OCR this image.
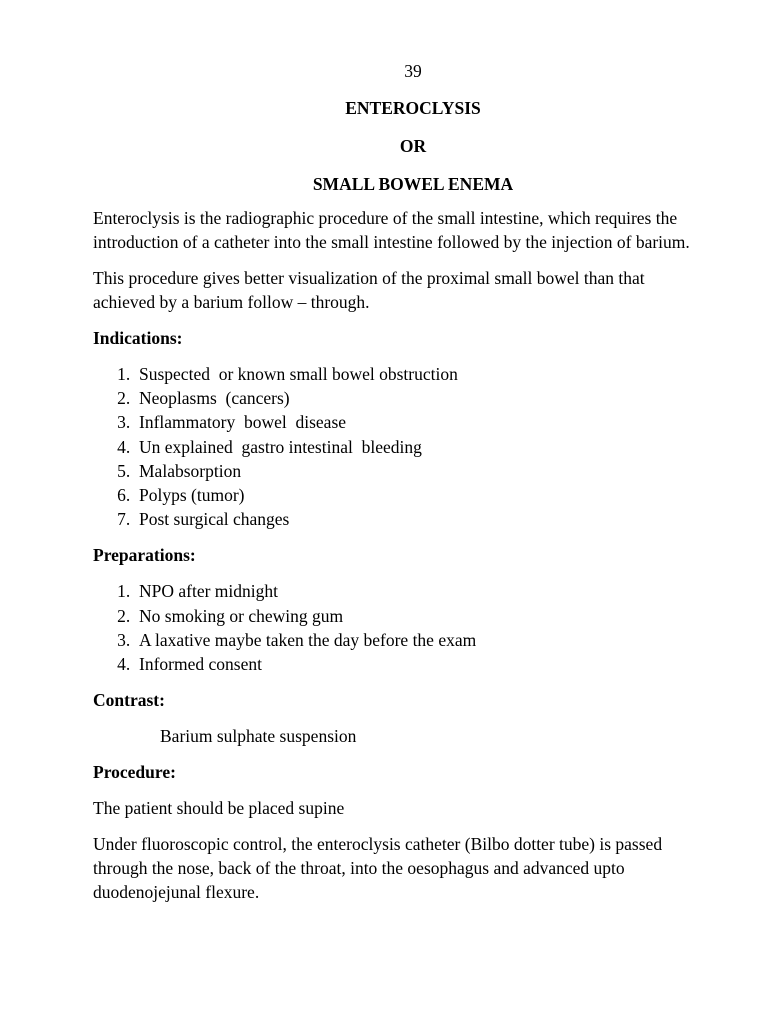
39
ENTEROCLYSIS
OR
SMALL BOWEL ENEMA

Enteroclysis is the radiographic procedure of the small intestine, which requires the introduction of a catheter into the small intestine followed by the injection of barium.

This procedure gives better visualization of the proximal small bowel than that achieved by a barium follow – through.

Indications:
1. Suspected  or known small bowel obstruction
2. Neoplasms  (cancers)
3. Inflammatory  bowel  disease
4. Un explained  gastro intestinal  bleeding
5. Malabsorption
6. Polyps (tumor)
7. Post surgical changes
Preparations:
1. NPO after midnight
2. No smoking or chewing gum
3. A laxative maybe taken the day before the exam
4. Informed consent
Contrast:
Barium sulphate suspension
Procedure:

The patient should be placed supine

Under fluoroscopic control, the enteroclysis catheter (Bilbo dotter tube) is passed through the nose, back of the throat, into the oesophagus and advanced upto duodenojejunal flexure.
